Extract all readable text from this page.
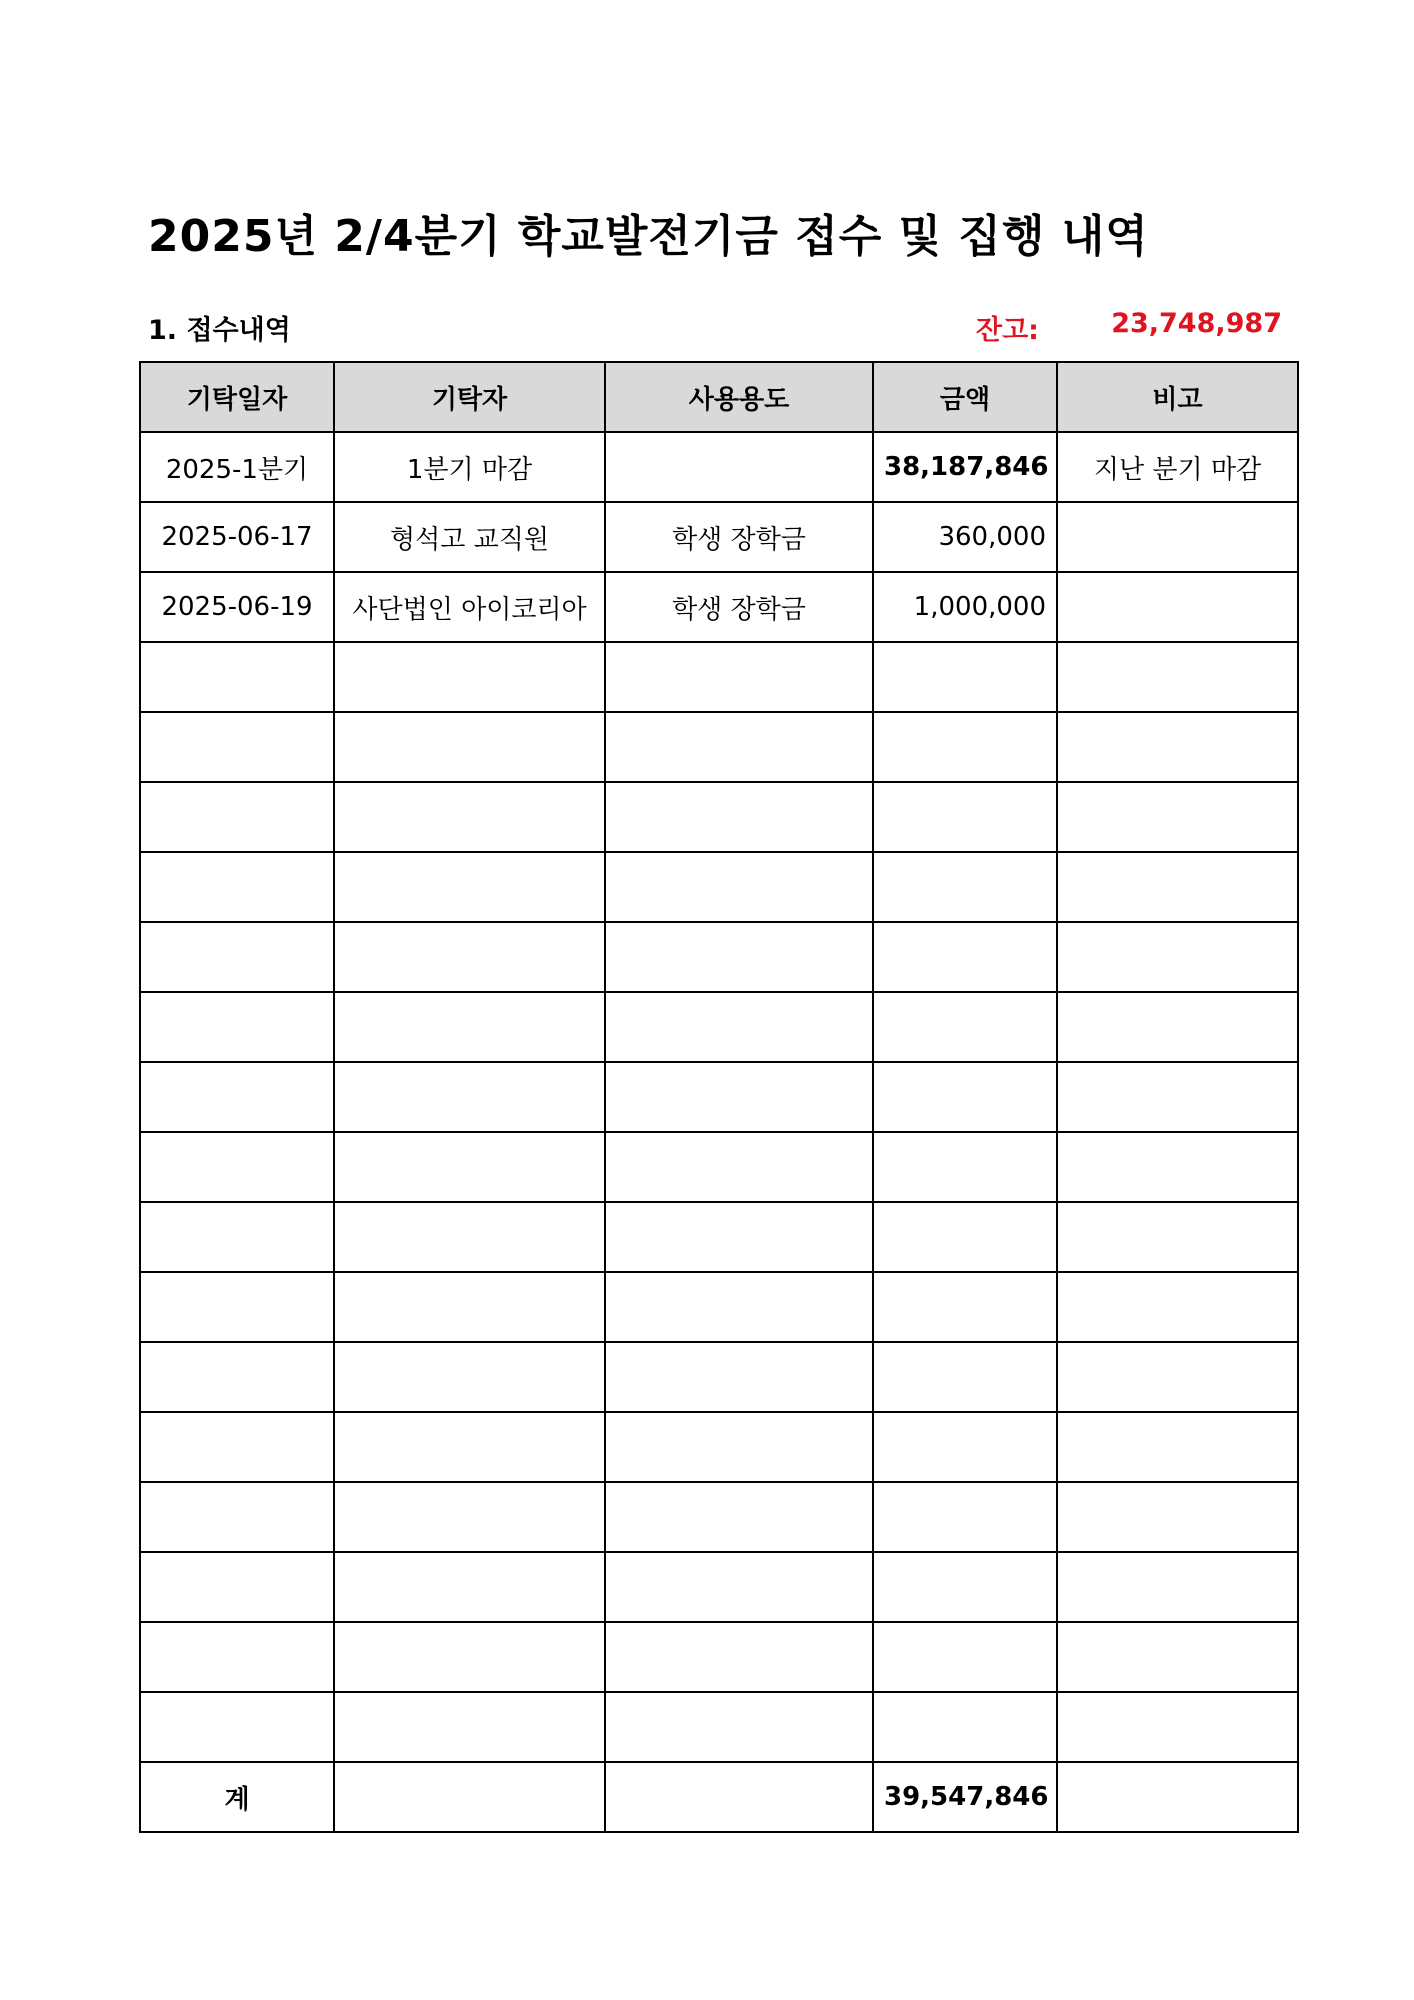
2025년 2/4분기 학교발전기금 접수 및 집행 내역
1. 접수내역	잔고:	23,748,987
기탁일자	기탁자	사용용도	금액	비고
2025-1분기	1분기 마감		38,187,846	지난 분기 마감
2025-06-17	형석고 교직원	학생 장학금	360,000	
2025-06-19	사단법인 아이코리아	학생 장학금	1,000,000	

계			39,547,846	
